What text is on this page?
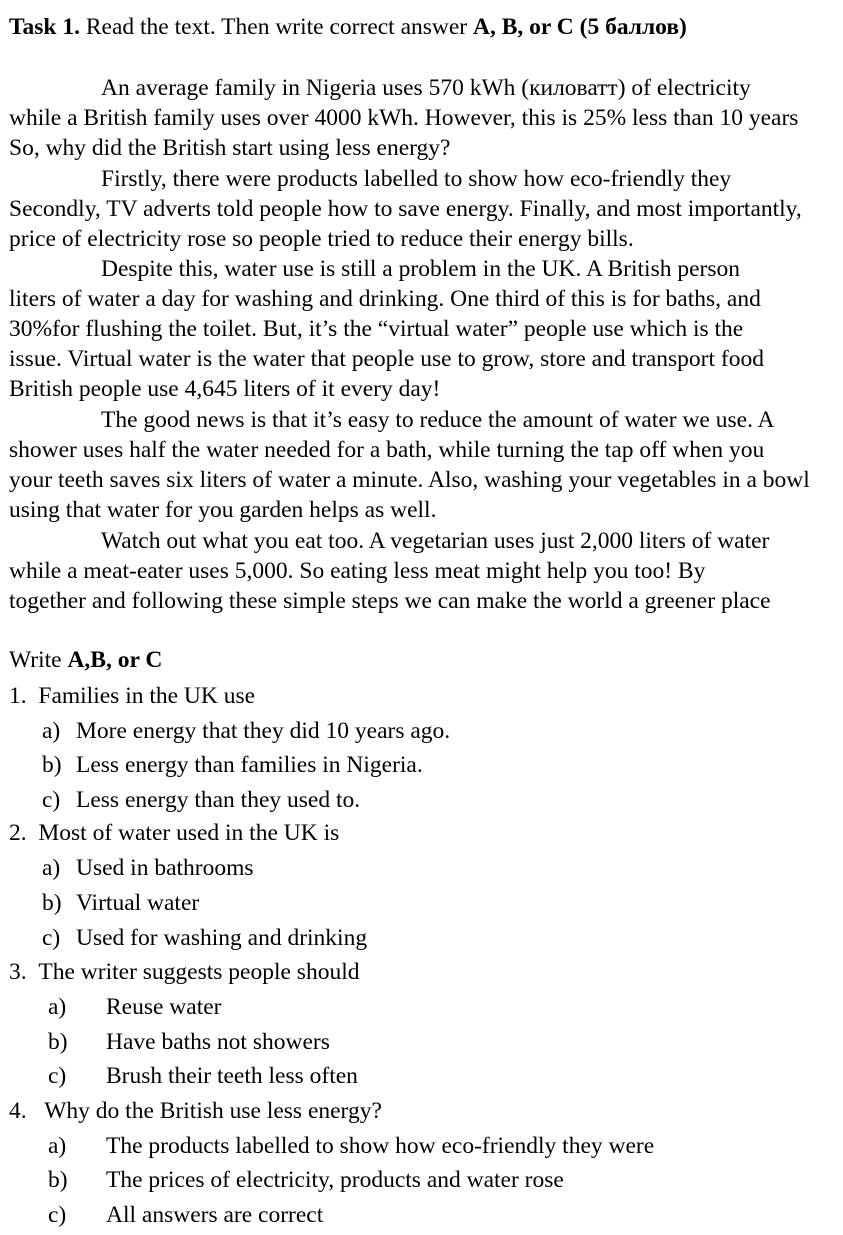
Task 1. Read the text. Then write correct answer A, B, or C (5 баллов)
An average family in Nigeria uses 570 kWh (киловатт) of electricity
while a British family uses over 4000 kWh. However, this is 25% less than 10 years
So, why did the British start using less energy?
Firstly, there were products labelled to show how eco-friendly they
Secondly, TV adverts told people how to save energy. Finally, and most importantly,
price of electricity rose so people tried to reduce their energy bills.
Despite this, water use is still a problem in the UK. A British person
liters of water a day for washing and drinking. One third of this is for baths, and
30%for flushing the toilet. But, it’s the “virtual water” people use which is the
issue. Virtual water is the water that people use to grow, store and transport food
British people use 4,645 liters of it every day!
The good news is that it’s easy to reduce the amount of water we use. A
shower uses half the water needed for a bath, while turning the tap off when you
your teeth saves six liters of water a minute. Also, washing your vegetables in a bowl
using that water for you garden helps as well.
Watch out what you eat too. A vegetarian uses just 2,000 liters of water
while a meat-eater uses 5,000. So eating less meat might help you too! By
together and following these simple steps we can make the world a greener place
Write A,B, or C
1. Families in the UK use
a) More energy that they did 10 years ago.
b) Less energy than families in Nigeria.
c) Less energy than they used to.
2. Most of water used in the UK is
a) Used in bathrooms
b) Virtual water
c) Used for washing and drinking
3. The writer suggests people should
a) Reuse water
b) Have baths not showers
c) Brush their teeth less often
4. Why do the British use less energy?
a) The products labelled to show how eco-friendly they were
b) The prices of electricity, products and water rose
c) All answers are correct
